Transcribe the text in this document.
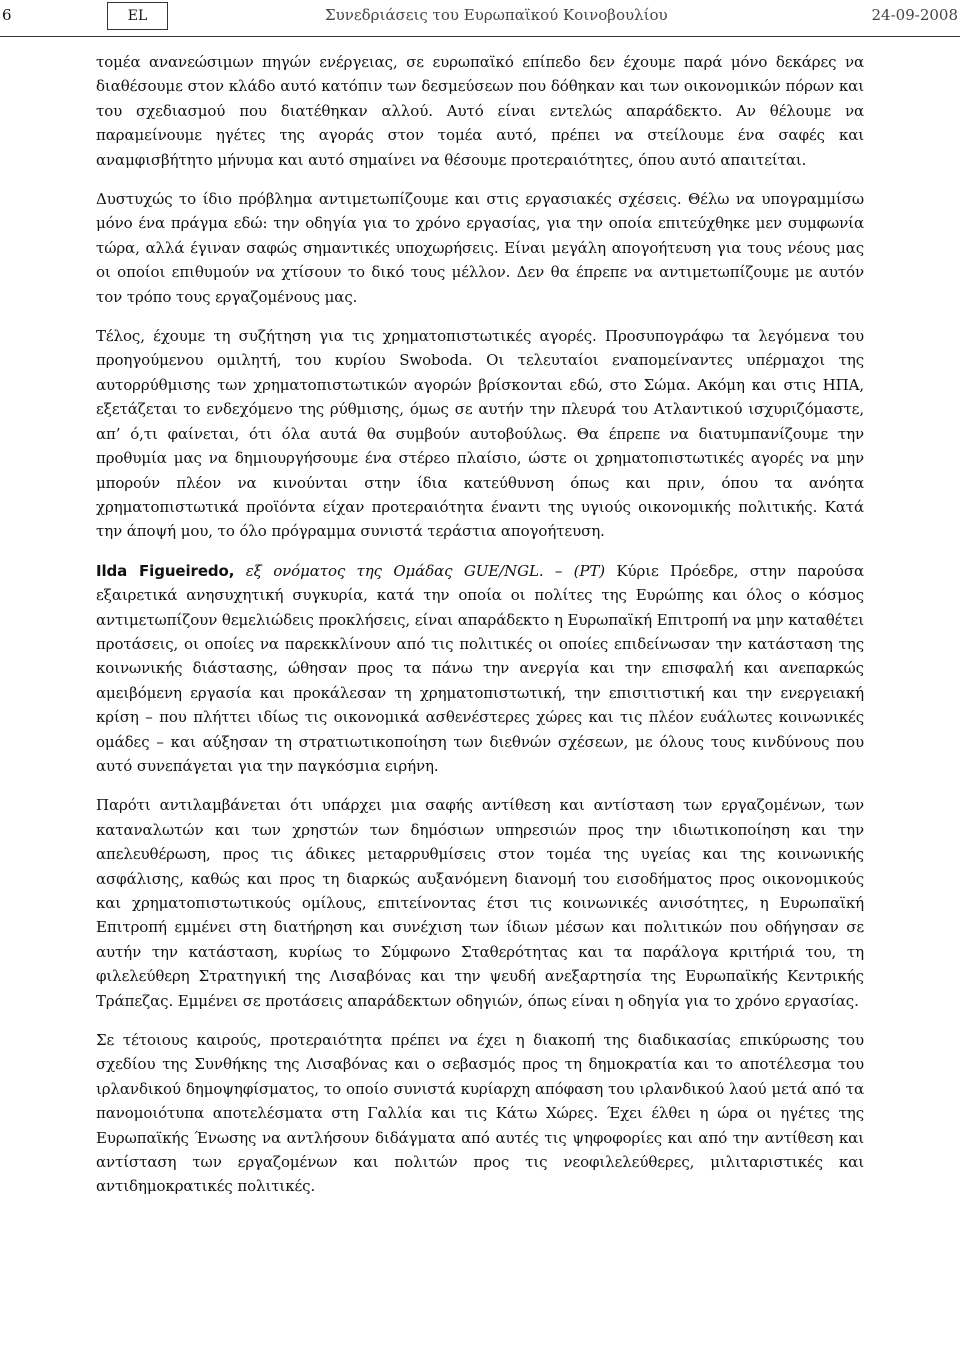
6	EL	Συνεδριάσεις του Ευρωπαϊκού Κοινοβουλίου	24-09-2008

τομέα ανανεώσιμων πηγών ενέργειας, σε ευρωπαϊκό επίπεδο δεν έχουμε παρά μόνο δεκάρες να διαθέσουμε στον κλάδο αυτό κατόπιν των δεσμεύσεων που δόθηκαν και των οικονομικών πόρων και του σχεδιασμού που διατέθηκαν αλλού. Αυτό είναι εντελώς απαράδεκτο. Αν θέλουμε να παραμείνουμε ηγέτες της αγοράς στον τομέα αυτό, πρέπει να στείλουμε ένα σαφές και αναμφισβήτητο μήνυμα και αυτό σημαίνει να θέσουμε προτεραιότητες, όπου αυτό απαιτείται.

Δυστυχώς το ίδιο πρόβλημα αντιμετωπίζουμε και στις εργασιακές σχέσεις. Θέλω να υπογραμμίσω μόνο ένα πράγμα εδώ: την οδηγία για το χρόνο εργασίας, για την οποία επιτεύχθηκε μεν συμφωνία τώρα, αλλά έγιναν σαφώς σημαντικές υποχωρήσεις. Είναι μεγάλη απογοήτευση για τους νέους μας οι οποίοι επιθυμούν να χτίσουν το δικό τους μέλλον. Δεν θα έπρεπε να αντιμετωπίζουμε με αυτόν τον τρόπο τους εργαζομένους μας.

Τέλος, έχουμε τη συζήτηση για τις χρηματοπιστωτικές αγορές. Προσυπογράφω τα λεγόμενα του προηγούμενου ομιλητή, του κυρίου Swoboda. Οι τελευταίοι εναπομείναντες υπέρμαχοι της αυτορρύθμισης των χρηματοπιστωτικών αγορών βρίσκονται εδώ, στο Σώμα. Ακόμη και στις ΗΠΑ, εξετάζεται το ενδεχόμενο της ρύθμισης, όμως σε αυτήν την πλευρά του Ατλαντικού ισχυριζόμαστε, απ’ ό,τι φαίνεται, ότι όλα αυτά θα συμβούν αυτοβούλως. Θα έπρεπε να διατυμπανίζουμε την προθυμία μας να δημιουργήσουμε ένα στέρεο πλαίσιο, ώστε οι χρηματοπιστωτικές αγορές να μην μπορούν πλέον να κινούνται στην ίδια κατεύθυνση όπως και πριν, όπου τα ανόητα χρηματοπιστωτικά προϊόντα είχαν προτεραιότητα έναντι της υγιούς οικονομικής πολιτικής. Κατά την άποψή μου, το όλο πρόγραμμα συνιστά τεράστια απογοήτευση.

Ilda Figueiredo, εξ ονόματος της Ομάδας GUE/NGL. – (PT) Κύριε Πρόεδρε, στην παρούσα εξαιρετικά ανησυχητική συγκυρία, κατά την οποία οι πολίτες της Ευρώπης και όλος ο κόσμος αντιμετωπίζουν θεμελιώδεις προκλήσεις, είναι απαράδεκτο η Ευρωπαϊκή Επιτροπή να μην καταθέτει προτάσεις, οι οποίες να παρεκκλίνουν από τις πολιτικές οι οποίες επιδείνωσαν την κατάσταση της κοινωνικής διάστασης, ώθησαν προς τα πάνω την ανεργία και την επισφαλή και ανεπαρκώς αμειβόμενη εργασία και προκάλεσαν τη χρηματοπιστωτική, την επισιτιστική και την ενεργειακή κρίση – που πλήττει ιδίως τις οικονομικά ασθενέστερες χώρες και τις πλέον ευάλωτες κοινωνικές ομάδες – και αύξησαν τη στρατιωτικοποίηση των διεθνών σχέσεων, με όλους τους κινδύνους που αυτό συνεπάγεται για την παγκόσμια ειρήνη.

Παρότι αντιλαμβάνεται ότι υπάρχει μια σαφής αντίθεση και αντίσταση των εργαζομένων, των καταναλωτών και των χρηστών των δημόσιων υπηρεσιών προς την ιδιωτικοποίηση και την απελευθέρωση, προς τις άδικες μεταρρυθμίσεις στον τομέα της υγείας και της κοινωνικής ασφάλισης, καθώς και προς τη διαρκώς αυξανόμενη διανομή του εισοδήματος προς οικονομικούς και χρηματοπιστωτικούς ομίλους, επιτείνοντας έτσι τις κοινωνικές ανισότητες, η Ευρωπαϊκή Επιτροπή εμμένει στη διατήρηση και συνέχιση των ίδιων μέσων και πολιτικών που οδήγησαν σε αυτήν την κατάσταση, κυρίως το Σύμφωνο Σταθερότητας και τα παράλογα κριτήριά του, τη φιλελεύθερη Στρατηγική της Λισαβόνας και την ψευδή ανεξαρτησία της Ευρωπαϊκής Κεντρικής Τράπεζας. Εμμένει σε προτάσεις απαράδεκτων οδηγιών, όπως είναι η οδηγία για το χρόνο εργασίας.

Σε τέτοιους καιρούς, προτεραιότητα πρέπει να έχει η διακοπή της διαδικασίας επικύρωσης του σχεδίου της Συνθήκης της Λισαβόνας και ο σεβασμός προς τη δημοκρατία και το αποτέλεσμα του ιρλανδικού δημοψηφίσματος, το οποίο συνιστά κυρίαρχη απόφαση του ιρλανδικού λαού μετά από τα πανομοιότυπα αποτελέσματα στη Γαλλία και τις Κάτω Χώρες. Έχει έλθει η ώρα οι ηγέτες της Ευρωπαϊκής Ένωσης να αντλήσουν διδάγματα από αυτές τις ψηφοφορίες και από την αντίθεση και αντίσταση των εργαζομένων και πολιτών προς τις νεοφιλελεύθερες, μιλιταριστικές και αντιδημοκρατικές πολιτικές.
